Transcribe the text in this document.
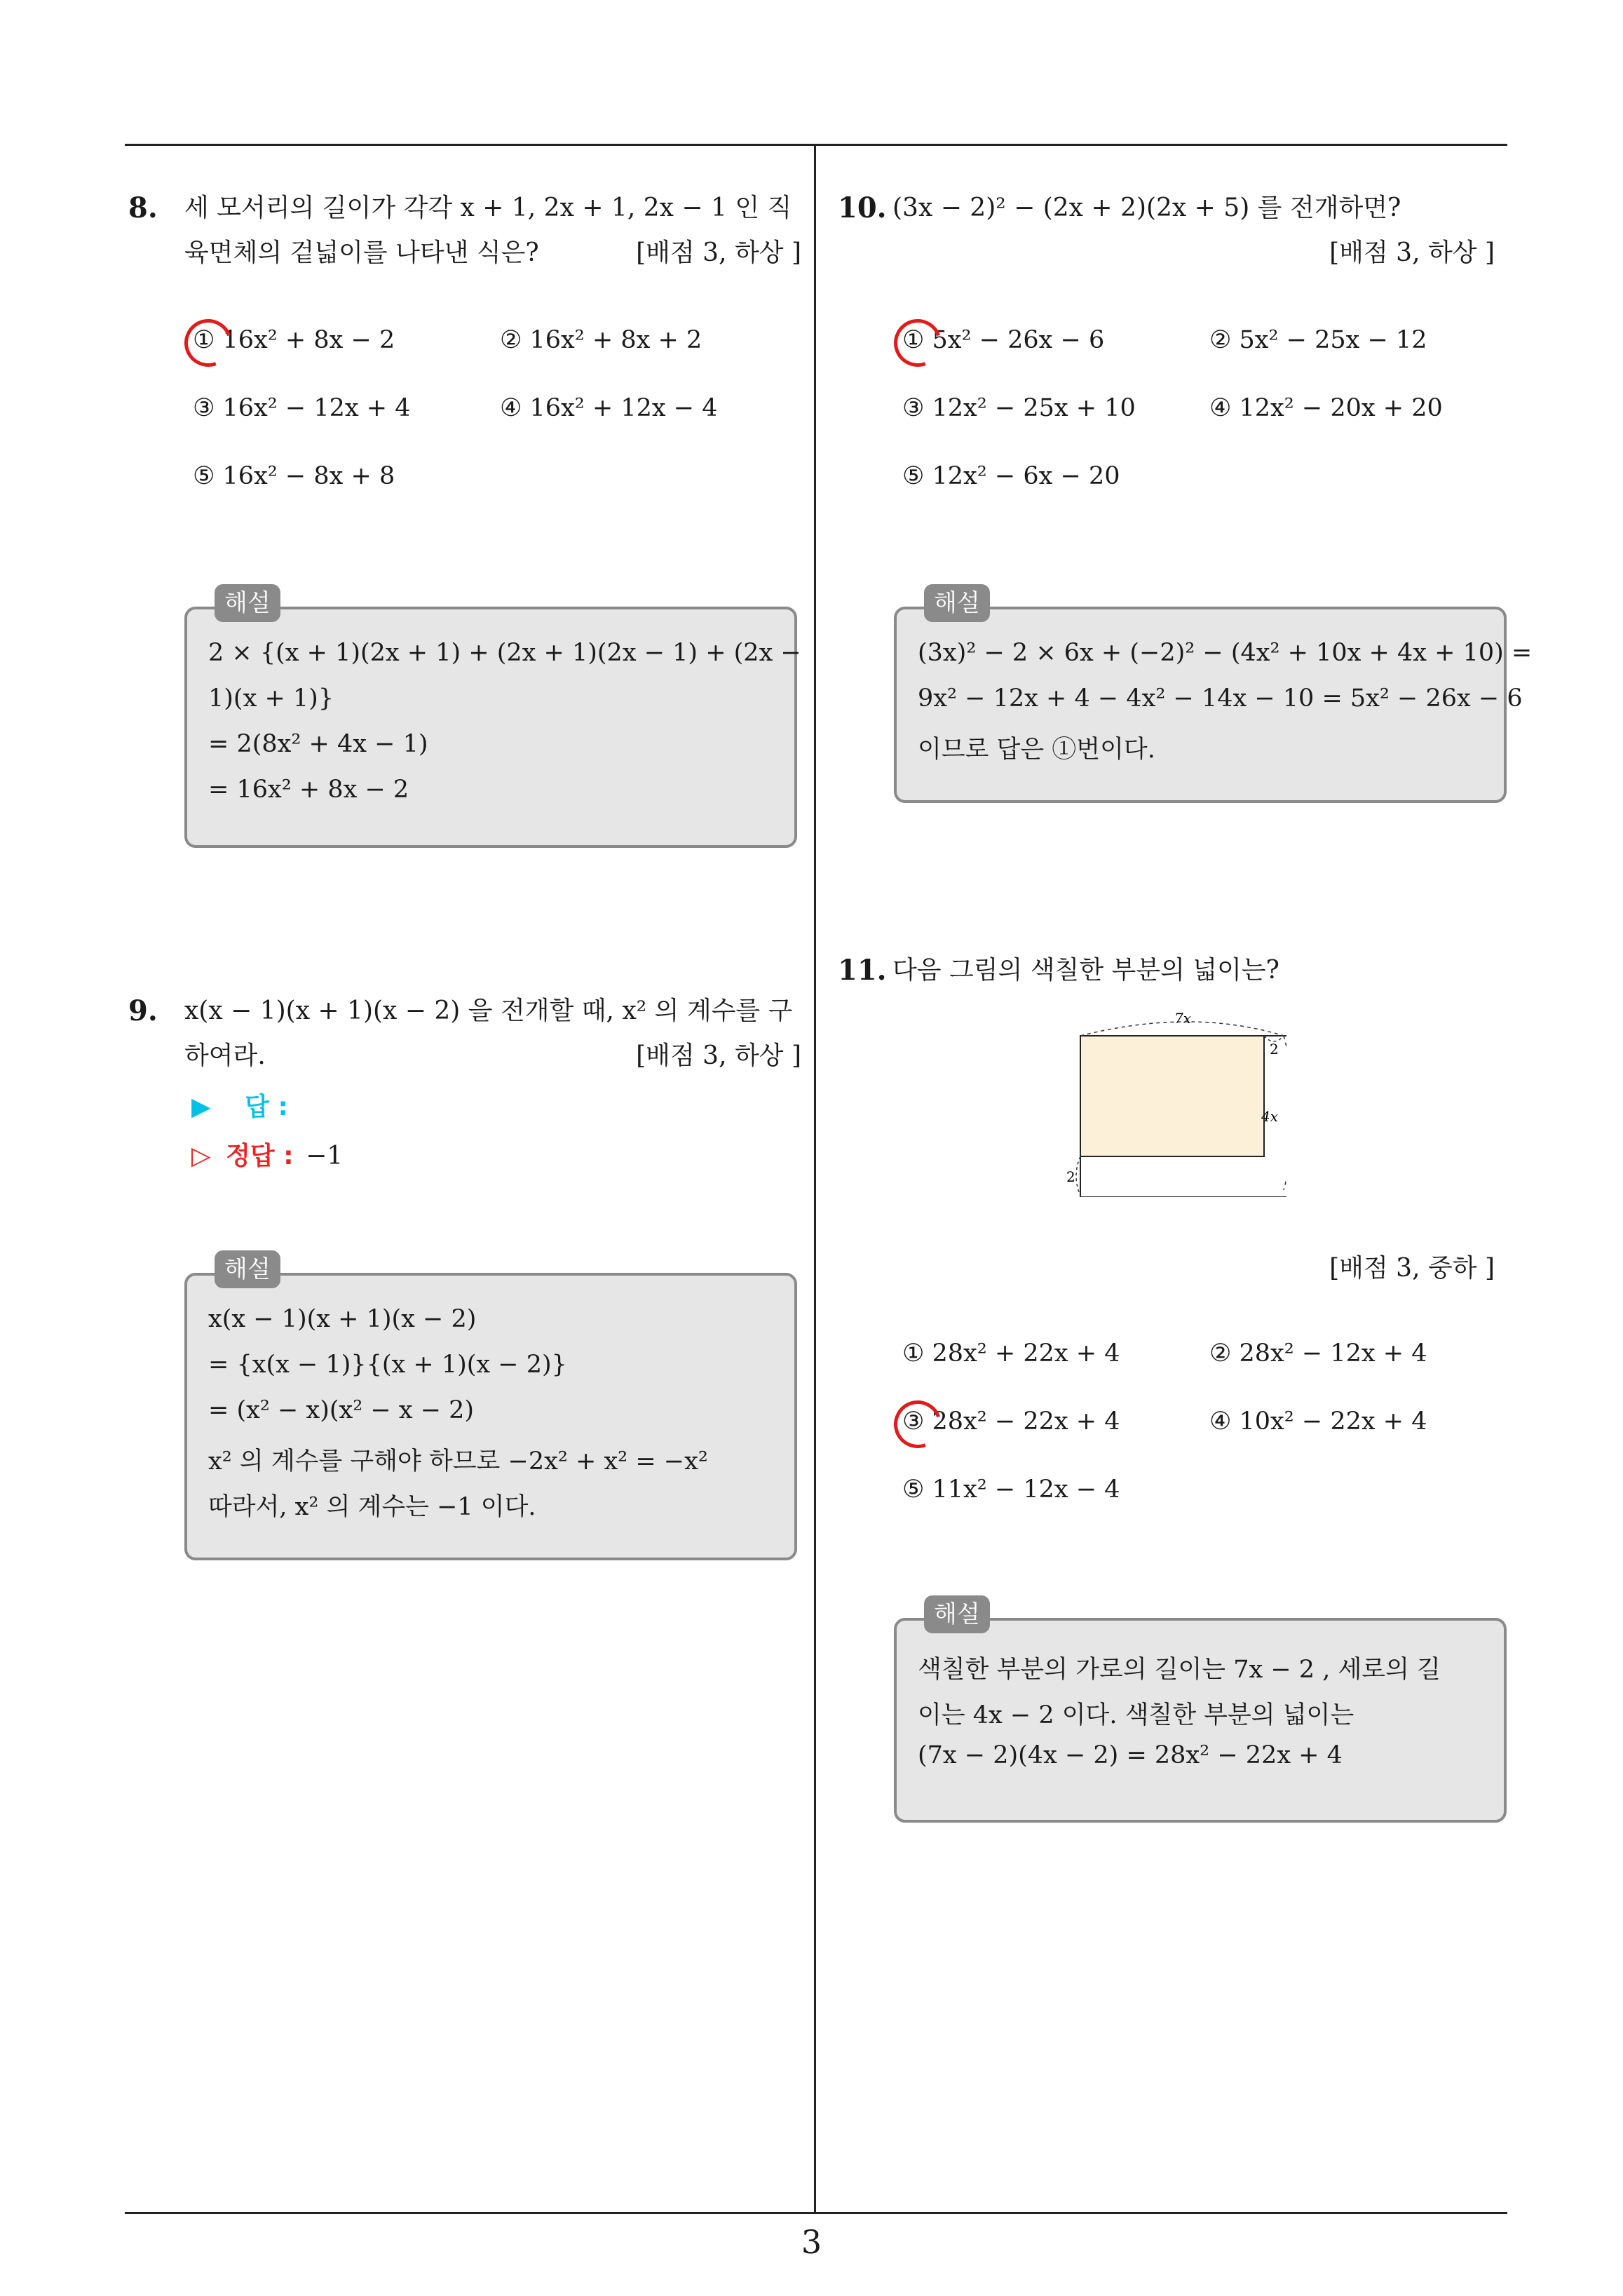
3
8. 세 모서리의 길이가 각각 x + 1, 2x + 1, 2x − 1 인 직
육면체의 겉넓이를 나타낸 식은?	[배점 3, 하상 ]
① 16x² + 8x − 2	② 16x² + 8x + 2
③ 16x² − 12x + 4	④ 16x² + 12x − 4
⑤ 16x² − 8x + 8
2 × {(x + 1)(2x + 1) + (2x + 1)(2x − 1) + (2x −
1)(x + 1)}
= 2(8x² + 4x − 1)
= 16x² + 8x − 2
해설
9. x(x − 1)(x + 1)(x − 2) 을 전개할 때, x² 의 계수를 구
하여라.	[배점 3, 하상 ]
▶ 답 :
▷ 정답 : −1
x(x − 1)(x + 1)(x − 2)
= {x(x − 1)}{(x + 1)(x − 2)}
= (x² − x)(x² − x − 2)
x² 의 계수를 구해야 하므로 −2x² + x² = −x²
따라서, x² 의 계수는 −1 이다.
해설
10. (3x − 2)² − (2x + 2)(2x + 5) 를 전개하면?
[배점 3, 하상 ]
① 5x² − 26x − 6	② 5x² − 25x − 12
③ 12x² − 25x + 10	④ 12x² − 20x + 20
⑤ 12x² − 6x − 20
(3x)² − 2 × 6x + (−2)² − (4x² + 10x + 4x + 10) =
9x² − 12x + 4 − 4x² − 14x − 10 = 5x² − 26x − 6
이므로 답은 ①번이다.
해설
11. 다음 그림의 색칠한 부분의 넓이는?
7x
2
4x
2
[배점 3, 중하 ]
① 28x² + 22x + 4	② 28x² − 12x + 4
③ 28x² − 22x + 4	④ 10x² − 22x + 4
⑤ 11x² − 12x − 4
색칠한 부분의 가로의 길이는 7x − 2 , 세로의 길
이는 4x − 2 이다. 색칠한 부분의 넓이는
(7x − 2)(4x − 2) = 28x² − 22x + 4
해설
